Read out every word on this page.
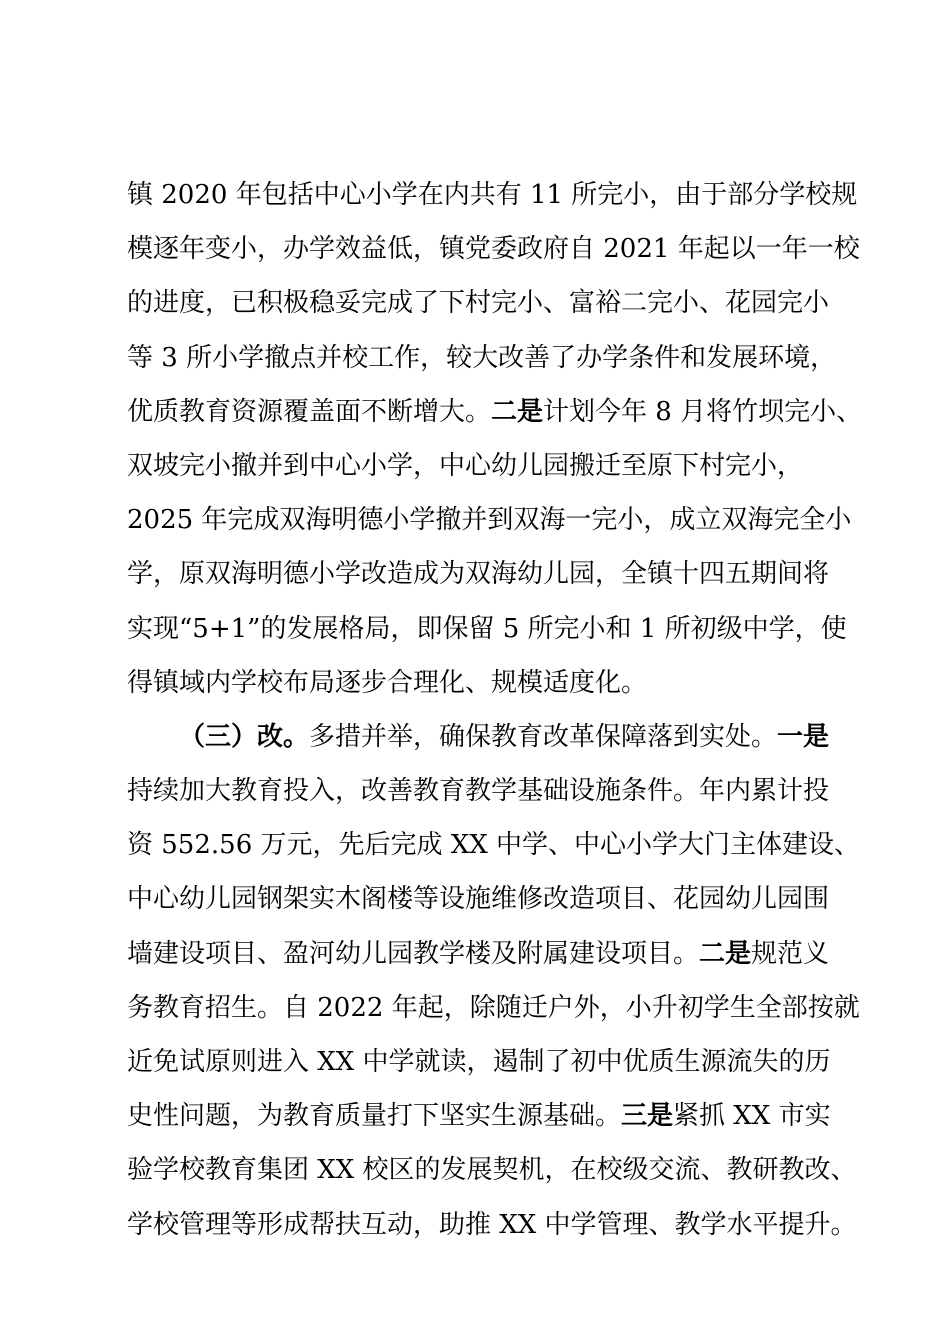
镇 2020 年包括中心小学在内共有 11 所完小，由于部分学校规
模逐年变小，办学效益低，镇党委政府自 2021 年起以一年一校
的进度，已积极稳妥完成了下村完小、富裕二完小、花园完小
等 3 所小学撤点并校工作，较大改善了办学条件和发展环境，
优质教育资源覆盖面不断增大。二是计划今年 8 月将竹坝完小、
双坡完小撤并到中心小学，中心幼儿园搬迁至原下村完小，
2025 年完成双海明德小学撤并到双海一完小，成立双海完全小
学，原双海明德小学改造成为双海幼儿园，全镇十四五期间将
实现“5+1”的发展格局，即保留 5 所完小和 1 所初级中学，使
得镇域内学校布局逐步合理化、规模适度化。
（三）改。多措并举，确保教育改革保障落到实处。一是
持续加大教育投入，改善教育教学基础设施条件。年内累计投
资 552.56 万元，先后完成 XX 中学、中心小学大门主体建设、
中心幼儿园钢架实木阁楼等设施维修改造项目、花园幼儿园围
墙建设项目、盈河幼儿园教学楼及附属建设项目。二是规范义
务教育招生。自 2022 年起，除随迁户外，小升初学生全部按就
近免试原则进入 XX 中学就读，遏制了初中优质生源流失的历
史性问题，为教育质量打下坚实生源基础。三是紧抓 XX 市实
验学校教育集团 XX 校区的发展契机，在校级交流、教研教改、
学校管理等形成帮扶互动，助推 XX 中学管理、教学水平提升。
